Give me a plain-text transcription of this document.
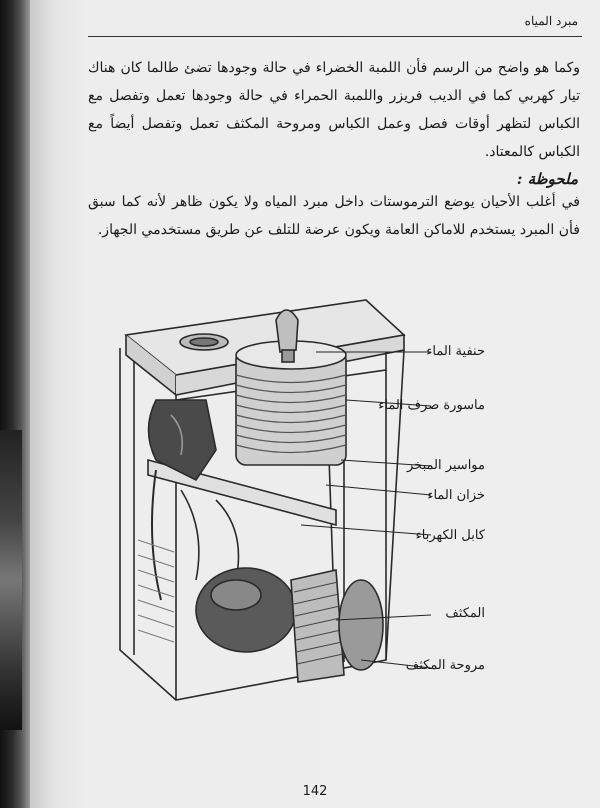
مبرد المياه
وكما هو واضح من الرسم فأن اللمبة الخضراء في حالة وجودها تضئ طالما كان هناك تيار كهربي كما في الديب فريزر واللمبة الحمراء في حالة وجودها تعمل وتفصل مع الكباس لتظهر أوقات فصل وعمل الكباس ومروحة المكثف تعمل وتفصل أيضاً مع الكباس كالمعتاد.
ملحوظة :
في أغلب الأحيان يوضع الترموستات داخل مبرد المياه ولا يكون ظاهر لأنه كما سبق فأن المبرد يستخدم للاماكن العامة ويكون عرضة للتلف عن طريق مستخدمي الجهاز.
حنفية الماء
ماسورة صرف الماء
مواسير المبخر
خزان الماء
كابل الكهرباء
المكثف
مروحة المكثف
142
